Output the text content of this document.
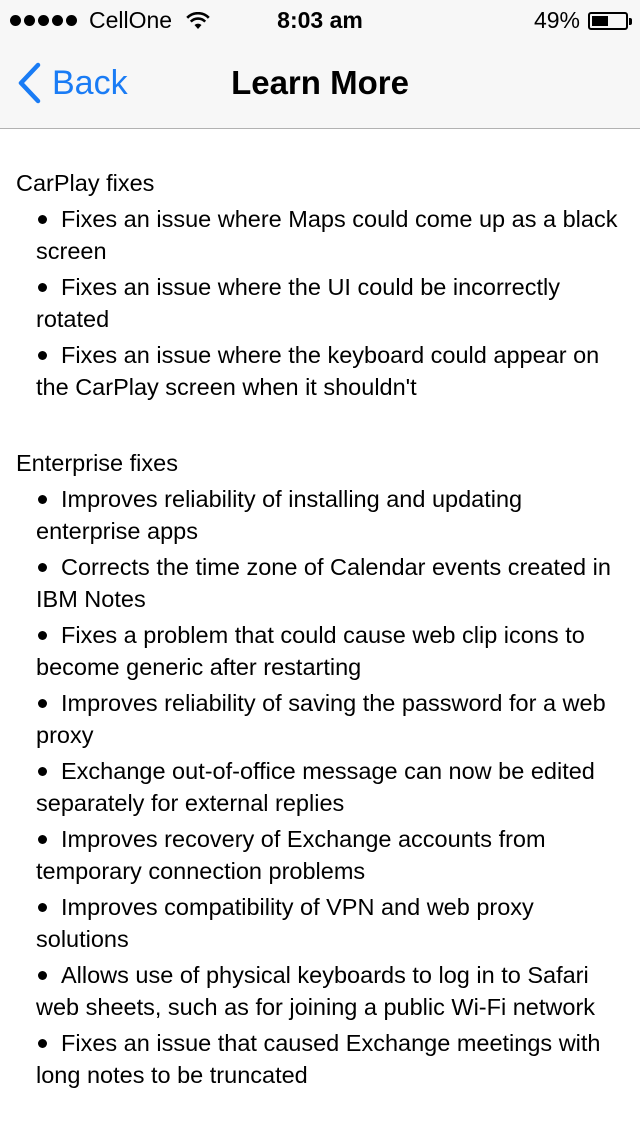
CellOne	8:03 am	49%
Back	Learn More
CarPlay fixes
Fixes an issue where Maps could come up as a black screen
Fixes an issue where the UI could be incorrectly rotated
Fixes an issue where the keyboard could appear on the CarPlay screen when it shouldn't
Enterprise fixes
Improves reliability of installing and updating enterprise apps
Corrects the time zone of Calendar events created in IBM Notes
Fixes a problem that could cause web clip icons to become generic after restarting
Improves reliability of saving the password for a web proxy
Exchange out-of-office message can now be edited separately for external replies
Improves recovery of Exchange accounts from temporary connection problems
Improves compatibility of VPN and web proxy solutions
Allows use of physical keyboards to log in to Safari web sheets, such as for joining a public Wi-Fi network
Fixes an issue that caused Exchange meetings with long notes to be truncated
